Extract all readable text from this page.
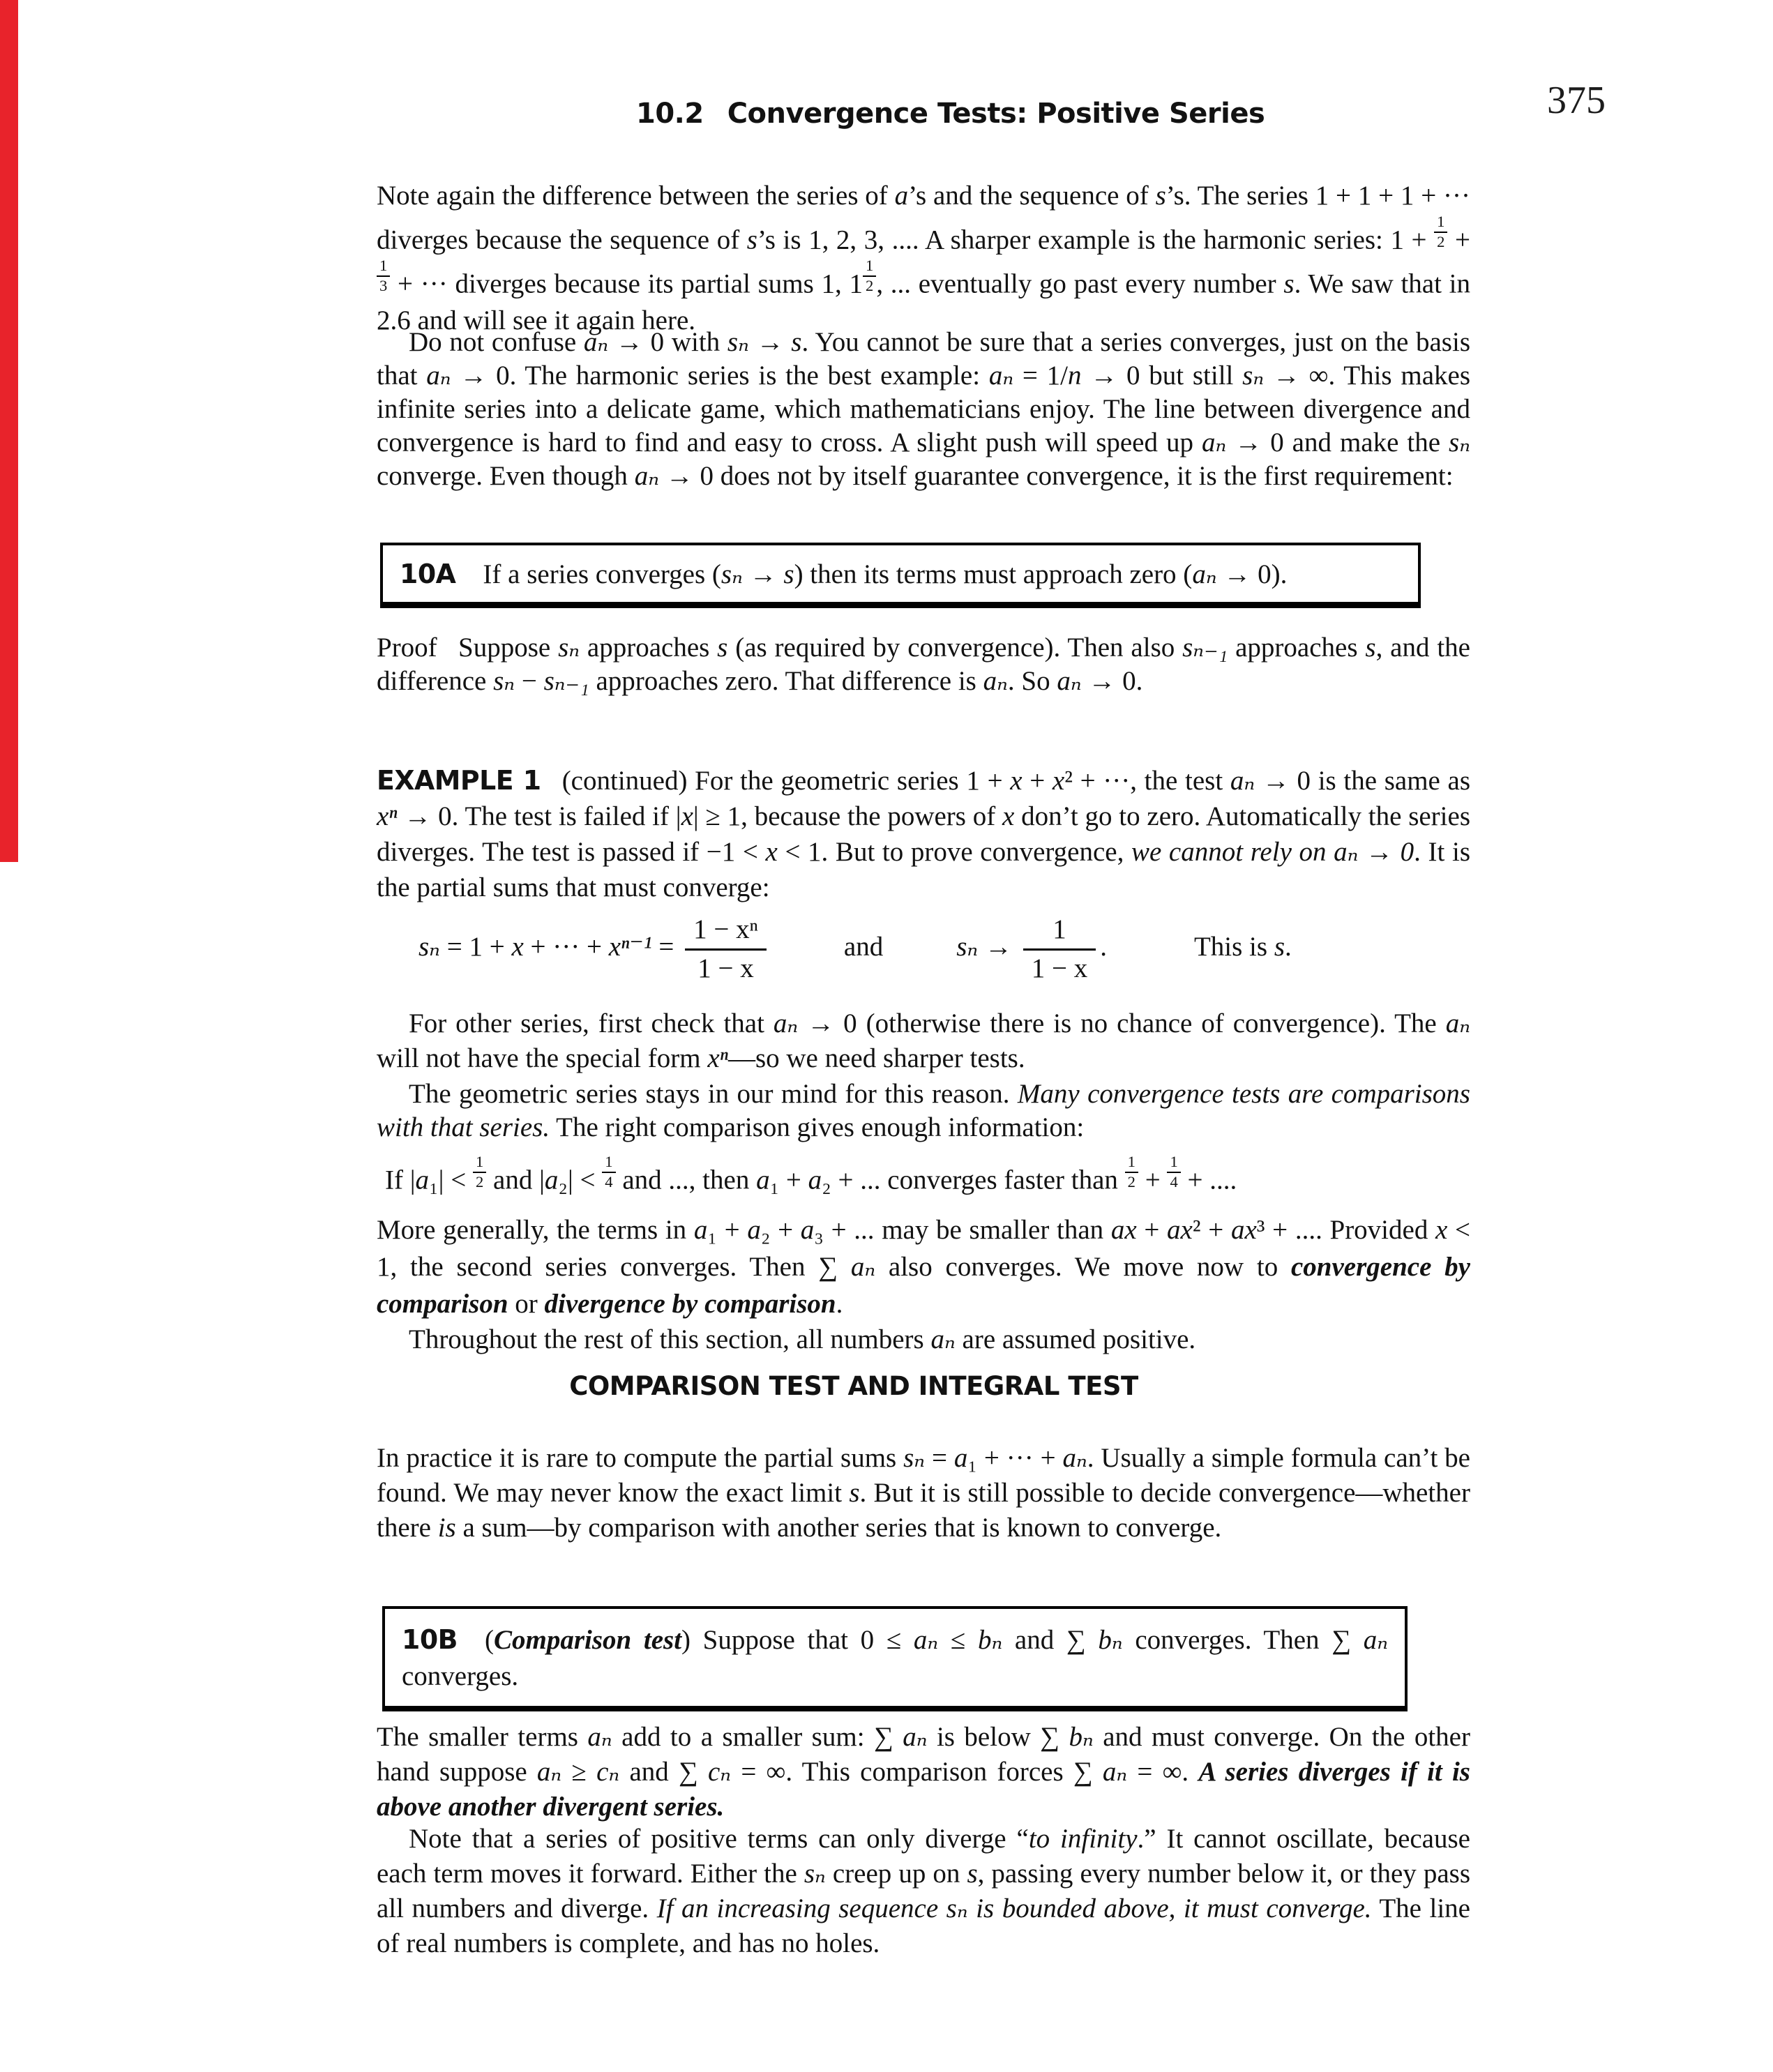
10.2 Convergence Tests: Positive Series	375
Note again the difference between the series of a’s and the sequence of s’s. The series 1 + 1 + 1 + ··· diverges because the sequence of s’s is 1, 2, 3, .... A sharper example is the harmonic series: $1 + \frac{1}{2}$ +
$\frac{1}{3}$ + ··· diverges because its partial sums 1, $1 \frac{1}{2}$ , ... eventually go past every number s. We saw that in 2.6 and will see it again here.
Do not confuse aₙ → 0 with sₙ → s. You cannot be sure that a series converges, just on the basis that aₙ → 0. The harmonic series is the best example: aₙ = 1/n → 0 but still sₙ → ∞. This makes infinite series into a delicate game, which mathematicians enjoy. The line between divergence and convergence is hard to find and easy to cross. A slight push will speed up aₙ → 0 and make the sₙ converge. Even though aₙ → 0 does not by itself guarantee convergence, it is the first requirement:
10A If a series converges (sₙ → s) then its terms must approach zero (aₙ → 0).
Proof  Suppose sₙ approaches s (as required by convergence). Then also sₙ₋₁ approaches s, and the difference sₙ − sₙ₋₁ approaches zero. That difference is aₙ. So aₙ → 0.
EXAMPLE 1  (continued) For the geometric series 1 + x + x² + ···, the test aₙ → 0 is the same as xⁿ → 0. The test is failed if |x| ≥ 1, because the powers of x don’t go to zero. Automatically the series diverges. The test is passed if −1 < x < 1. But to prove convergence, we cannot rely on aₙ → 0. It is the partial sums that must converge:
sₙ = 1 + x + ··· + $x^{n-1} = \frac{\text{1 − xⁿ}}{1 - x}$	and	$s_n \to \frac{1}{1 - x}$ .	This is s.
For other series, first check that aₙ → 0 (otherwise there is no chance of convergence). The aₙ will not have the special form xⁿ—so we need sharper tests.
The geometric series stays in our mind for this reason. Many convergence tests are comparisons with that series. The right comparison gives enough information:
If $|a_1| < \frac{1}{2}$ and $|a_2| < \frac{1}{4}$ and ..., then a₁ + a₂ + ... converges faster than $\frac{1}{2} + \frac{1}{4}$ + ....
More generally, the terms in a₁ + a₂ + a₃ + ... may be smaller than ax + ax² + ax³ + .... Provided x < 1, the second series converges. Then ∑ aₙ also converges. We move now to convergence by comparison or divergence by comparison.
Throughout the rest of this section, all numbers aₙ are assumed positive.
COMPARISON TEST AND INTEGRAL TEST
In practice it is rare to compute the partial sums sₙ = a₁ + ··· + aₙ. Usually a simple formula can’t be found. We may never know the exact limit s. But it is still possible to decide convergence—whether there is a sum—by comparison with another series that is known to converge.
10B (Comparison test) Suppose that 0 ≤ aₙ ≤ bₙ and ∑ bₙ converges. Then ∑ aₙ converges.
The smaller terms aₙ add to a smaller sum: ∑ aₙ is below ∑ bₙ and must converge. On the other hand suppose aₙ ≥ cₙ and ∑ cₙ = ∞. This comparison forces ∑ aₙ = ∞. A series diverges if it is above another divergent series.
Note that a series of positive terms can only diverge “to infinity.” It cannot oscillate, because each term moves it forward. Either the sₙ creep up on s, passing every number below it, or they pass all numbers and diverge. If an increasing sequence sₙ is bounded above, it must converge. The line of real numbers is complete, and has no holes.
